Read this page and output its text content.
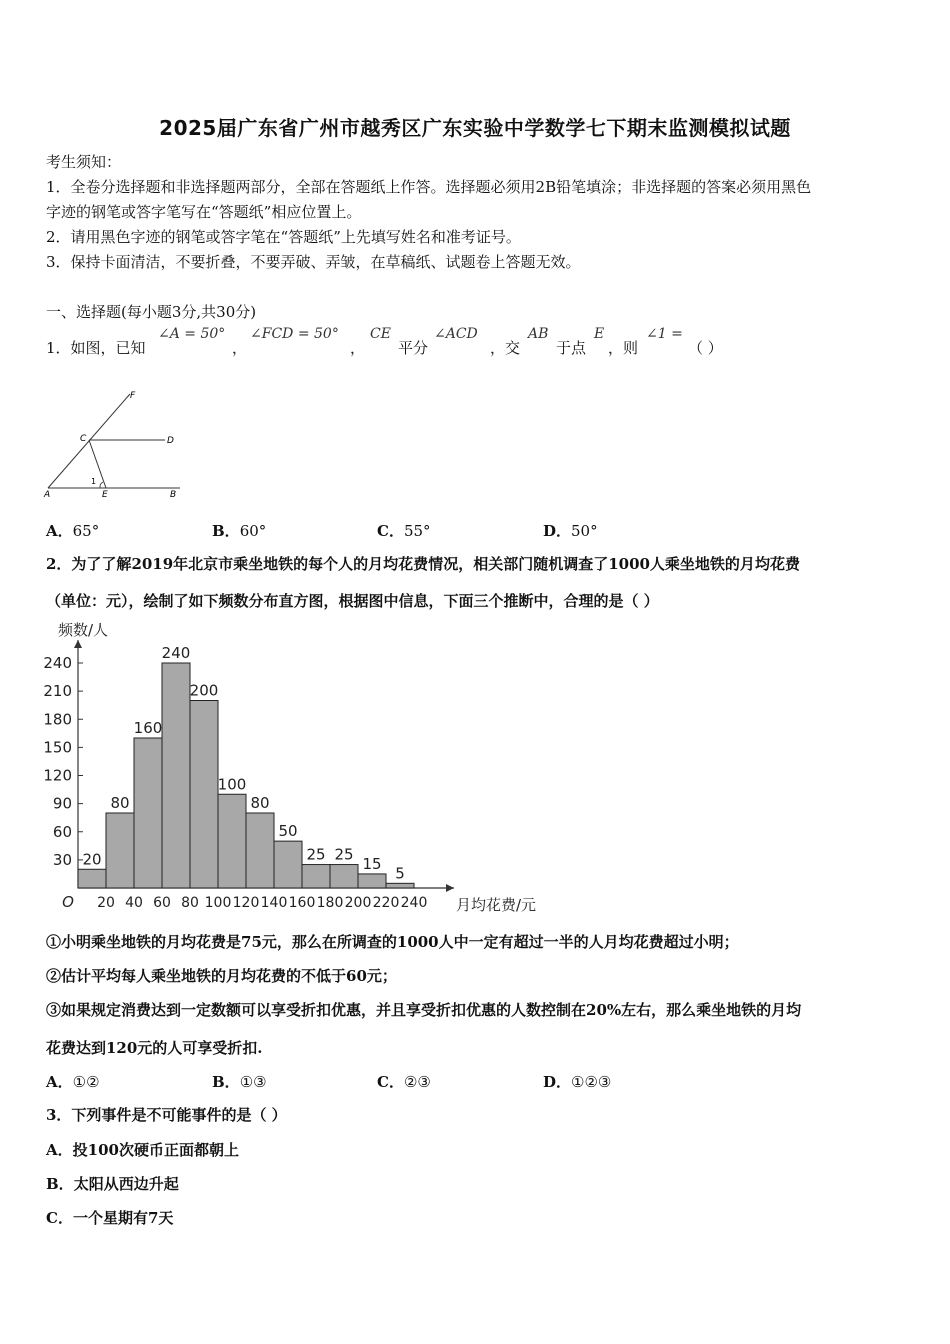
2025届广东省广州市越秀区广东实验中学数学七下期末监测模拟试题
考生须知：
1．全卷分选择题和非选择题两部分，全部在答题纸上作答。选择题必须用2B铅笔填涂；非选择题的答案必须用黑色
字迹的钢笔或答字笔写在“答题纸”相应位置上。
2．请用黑色字迹的钢笔或答字笔在“答题纸”上先填写姓名和准考证号。
3．保持卡面清洁，不要折叠，不要弄破、弄皱，在草稿纸、试题卷上答题无效。
一、选择题(每小题3分,共30分)
1．如图，已知
∠A = 50°
，
∠FCD = 50°
，
CE
平分
∠ACD
，交
AB
于点
E
，则
∠1 =
（ ）
F
C	D
A	E	B
1
A．65°	B．60°	C．55°	D．50°
2．为了了解2019年北京市乘坐地铁的每个人的月均花费情况，相关部门随机调查了1000人乘坐地铁的月均花费
（单位：元），绘制了如下频数分布直方图，根据图中信息，下面三个推断中，合理的是（ ）
20
80
160
240
200
100
80
50
25 25
15
5
240
210
180
150
120
90
60
30
20 40 60 80 100 120 140 160 180 200 220 240
O
频数/人
月均花费/元
①小明乘坐地铁的月均花费是75元，那么在所调查的1000人中一定有超过一半的人月均花费超过小明；
②估计平均每人乘坐地铁的月均花费的不低于60元；
③如果规定消费达到一定数额可以享受折扣优惠，并且享受折扣优惠的人数控制在20%左右，那么乘坐地铁的月均
花费达到120元的人可享受折扣.
A．①②	B．①③	C．②③	D．①②③
3．下列事件是不可能事件的是（ ）
A．投100次硬币正面都朝上
B．太阳从西边升起
C．一个星期有7天
